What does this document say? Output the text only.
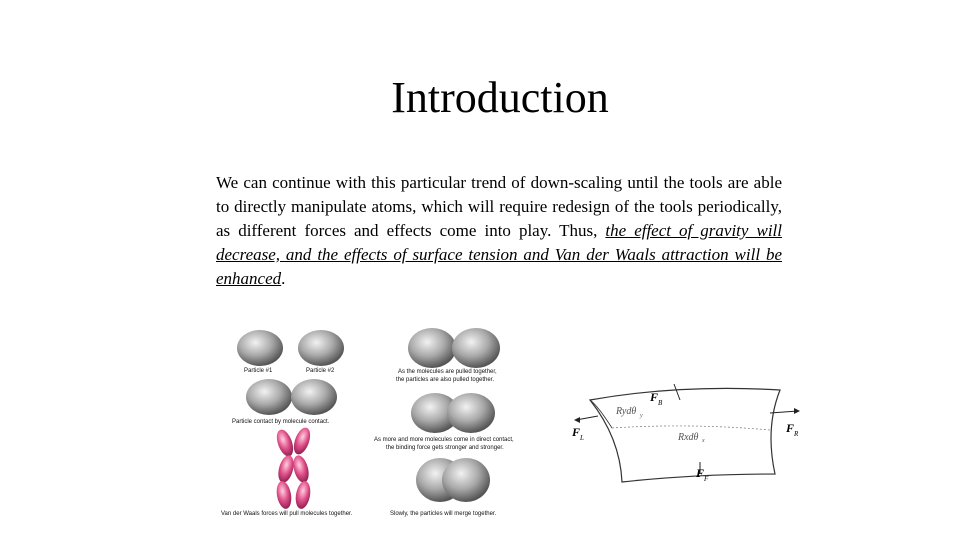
Introduction

We can continue with this particular trend of down-scaling until the tools are able to directly manipulate atoms, which will require redesign of the tools periodically, as different forces and effects come into play. Thus, the effect of gravity will decrease, and the effects of surface tension and Van der Waals attraction will be enhanced.

Particle #1	Particle #2
Particle contact by molecule contact.
Van der Waals forces will pull molecules together.
As the molecules are pulled together,
the particles are also pulled together.
As more and more molecules come in direct contact,
the binding force gets stronger and stronger.
Slowly, the particles will merge together.
F B
Rydθ y
F L	Rxdθ x
F R
F F
